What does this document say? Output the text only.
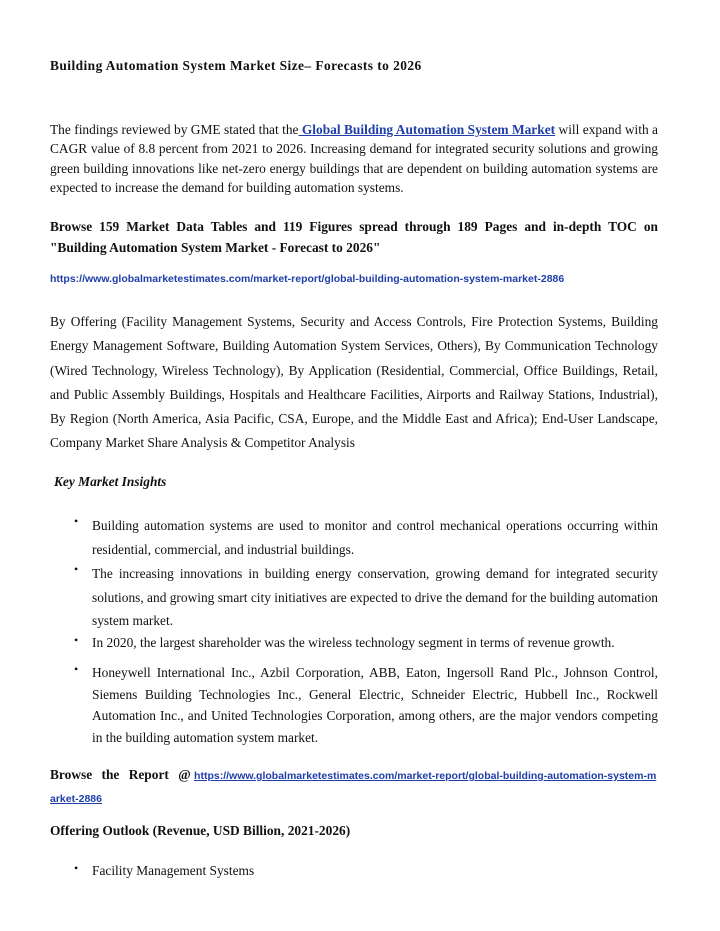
Building Automation System Market Size– Forecasts to 2026

The findings reviewed by GME stated that the Global Building Automation System Market will expand with a CAGR value of 8.8 percent from 2021 to 2026. Increasing demand for integrated security solutions and growing green building innovations like net-zero energy buildings that are dependent on building automation systems are expected to increase the demand for building automation systems.

Browse 159 Market Data Tables and 119 Figures spread through 189 Pages and in-depth TOC on "Building Automation System Market - Forecast to 2026"
https://www.globalmarketestimates.com/market-report/global-building-automation-system-market-2886

By Offering (Facility Management Systems, Security and Access Controls, Fire Protection Systems, Building Energy Management Software, Building Automation System Services, Others), By Communication Technology (Wired Technology, Wireless Technology), By Application (Residential, Commercial, Office Buildings, Retail, and Public Assembly Buildings, Hospitals and Healthcare Facilities, Airports and Railway Stations, Industrial), By Region (North America, Asia Pacific, CSA, Europe, and the Middle East and Africa); End-User Landscape, Company Market Share Analysis & Competitor Analysis

Key Market Insights
• Building automation systems are used to monitor and control mechanical operations occurring within residential, commercial, and industrial buildings.
• The increasing innovations in building energy conservation, growing demand for integrated security solutions, and growing smart city initiatives are expected to drive the demand for the building automation system market.
• In 2020, the largest shareholder was the wireless technology segment in terms of revenue growth.
• Honeywell International Inc., Azbil Corporation, ABB, Eaton, Ingersoll Rand Plc., Johnson Control, Siemens Building Technologies Inc., General Electric, Schneider Electric, Hubbell Inc., Rockwell Automation Inc., and United Technologies Corporation, among others, are the major vendors competing in the building automation system market.
Browse the Report @ https://www.globalmarketestimates.com/market-report/global-building-automation-system-market-2886
Offering Outlook (Revenue, USD Billion, 2021-2026)
• Facility Management Systems
